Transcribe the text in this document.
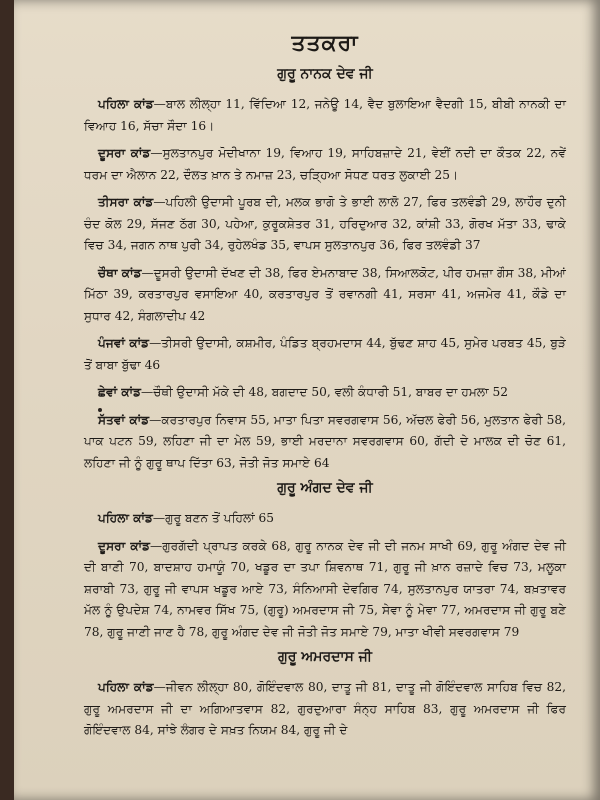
ਤਤਕਰਾ
ਗੁਰੂ ਨਾਨਕ ਦੇਵ ਜੀ

ਪਹਿਲਾ ਕਾਂਡ—ਬਾਲ ਲੀਲ੍ਹਾ 11, ਵਿੱਦਿਆ 12, ਜਨੇਊ 14, ਵੈਦ ਬੁਲਾਇਆ ਵੈਦਗੀ 15, ਬੀਬੀ ਨਾਨਕੀ ਦਾ ਵਿਆਹ 16, ਸੱਚਾ ਸੌਦਾ 16।

ਦੂਸਰਾ ਕਾਂਡ—ਸੁਲਤਾਨਪੁਰ ਮੋਦੀਖਾਨਾ 19, ਵਿਆਹ 19, ਸਾਹਿਬਜ਼ਾਦੇ 21, ਵੇਈਂ ਨਦੀ ਦਾ ਕੌਤਕ 22, ਨਵੇਂ ਧਰਮ ਦਾ ਐਲਾਨ 22, ਦੌਲਤ ਖ਼ਾਨ ਤੇ ਨਮਾਜ਼ 23, ਚੜ੍ਹਿਆ ਸੋਧਣ ਧਰਤ ਲੁਕਾਈ 25।

ਤੀਸਰਾ ਕਾਂਡ—ਪਹਿਲੀ ਉਦਾਸੀ ਪੂਰਬ ਦੀ, ਮਲਕ ਭਾਗੋ ਤੇ ਭਾਈ ਲਾਲੋ 27, ਫਿਰ ਤਲਵੰਡੀ 29, ਲਾਹੌਰ ਦੁਨੀ ਚੰਦ ਕੋਲ 29, ਸੱਜਣ ਠੱਗ 30, ਪਹੇਆ, ਕੁਰੂਕਸ਼ੇਤਰ 31, ਹਰਿਦੁਆਰ 32, ਕਾਂਸ਼ੀ 33, ਗੋਰਖ ਮੱਤਾ 33, ਢਾਕੇ ਵਿਚ 34, ਜਗਨ ਨਾਥ ਪੁਰੀ 34, ਰੁਹੇਲਖੰਡ 35, ਵਾਪਸ ਸੁਲਤਾਨਪੁਰ 36, ਫਿਰ ਤਲਵੰਡੀ 37

ਚੌਥਾ ਕਾਂਡ—ਦੂਸਰੀ ਉਦਾਸੀ ਦੱਖਣ ਦੀ 38, ਫਿਰ ਏਮਨਾਬਾਦ 38, ਸਿਆਲਕੋਟ, ਪੀਰ ਹਮਜ਼ਾ ਗੌਸ 38, ਮੀਆਂ ਮਿੱਠਾ 39, ਕਰਤਾਰਪੁਰ ਵਸਾਇਆ 40, ਕਰਤਾਰਪੁਰ ਤੋਂ ਰਵਾਨਗੀ 41, ਸਰਸਾ 41, ਅਜਮੇਰ 41, ਕੌਡੇ ਦਾ ਸੁਧਾਰ 42, ਸੰਗਲਾਦੀਪ 42

ਪੰਜਵਾਂ ਕਾਂਡ—ਤੀਸਰੀ ਉਦਾਸੀ, ਕਸ਼ਮੀਰ, ਪੰਡਿਤ ਬ੍ਰਹਮਦਾਸ 44, ਬੁੱਢਣ ਸ਼ਾਹ 45, ਸੁਮੇਰ ਪਰਬਤ 45, ਬੁੜੇ ਤੋਂ ਬਾਬਾ ਬੁੱਢਾ 46

ਛੇਵਾਂ ਕਾਂਡ—ਚੌਥੀ ਉਦਾਸੀ ਮੱਕੇ ਦੀ 48, ਬਗਦਾਦ 50, ਵਲੀ ਕੰਧਾਰੀ 51, ਬਾਬਰ ਦਾ ਹਮਲਾ 52

ਸੱਤਵਾਂ ਕਾਂਡ—ਕਰਤਾਰਪੁਰ ਨਿਵਾਸ 55, ਮਾਤਾ ਪਿਤਾ ਸਵਰਗਵਾਸ 56, ਅੱਚਲ ਫੇਰੀ 56, ਮੁਲਤਾਨ ਫੇਰੀ 58, ਪਾਕ ਪਟਨ 59, ਲਹਿਣਾ ਜੀ ਦਾ ਮੇਲ 59, ਭਾਈ ਮਰਦਾਨਾ ਸਵਰਗਵਾਸ 60, ਗੱਦੀ ਦੇ ਮਾਲਕ ਦੀ ਚੋਣ 61, ਲਹਿਣਾ ਜੀ ਨੂੰ ਗੁਰੂ ਥਾਪ ਦਿੱਤਾ 63, ਜੋਤੀ ਜੋਤ ਸਮਾਏ 64

ਗੁਰੂ ਅੰਗਦ ਦੇਵ ਜੀ

ਪਹਿਲਾ ਕਾਂਡ—ਗੁਰੂ ਬਣਨ ਤੋਂ ਪਹਿਲਾਂ 65

ਦੂਸਰਾ ਕਾਂਡ—ਗੁਰਗੱਦੀ ਪ੍ਰਾਪਤ ਕਰਕੇ 68, ਗੁਰੂ ਨਾਨਕ ਦੇਵ ਜੀ ਦੀ ਜਨਮ ਸਾਖੀ 69, ਗੁਰੂ ਅੰਗਦ ਦੇਵ ਜੀ ਦੀ ਬਾਣੀ 70, ਬਾਦਸ਼ਾਹ ਹਮਾਯੂੰ 70, ਖਡੂਰ ਦਾ ਤਪਾ ਸ਼ਿਵਨਾਥ 71, ਗੁਰੂ ਜੀ ਖ਼ਾਨ ਰਜ਼ਾਦੇ ਵਿਚ 73, ਮਲੂਕਾ ਸ਼ਰਾਬੀ 73, ਗੁਰੂ ਜੀ ਵਾਪਸ ਖਡੂਰ ਆਏ 73, ਸੰਨਿਆਸੀ ਦੇਵਗਿਰ 74, ਸੁਲਤਾਨਪੁਰ ਯਾਤਰਾ 74, ਬਖ਼ਤਾਵਰ ਮੱਲ ਨੂੰ ਉਪਦੇਸ਼ 74, ਨਾਮਵਰ ਸਿੱਖ 75, (ਗੁਰੂ) ਅਮਰਦਾਸ ਜੀ 75, ਸੇਵਾ ਨੂੰ ਮੇਵਾ 77, ਅਮਰਦਾਸ ਜੀ ਗੁਰੂ ਬਣੇ 78, ਗੁਰੂ ਜਾਣੀ ਜਾਣ ਹੈ 78, ਗੁਰੂ ਅੰਗਦ ਦੇਵ ਜੀ ਜੋਤੀ ਜੋਤ ਸਮਾਏ 79, ਮਾਤਾ ਖੀਵੀ ਸਵਰਗਵਾਸ 79

ਗੁਰੂ ਅਮਰਦਾਸ ਜੀ

ਪਹਿਲਾ ਕਾਂਡ—ਜੀਵਨ ਲੀਲ੍ਹਾ 80, ਗੋਇੰਦਵਾਲ 80, ਦਾਤੂ ਜੀ 81, ਦਾਤੂ ਜੀ ਗੋਇੰਦਵਾਲ ਸਾਹਿਬ ਵਿਚ 82, ਗੁਰੂ ਅਮਰਦਾਸ ਜੀ ਦਾ ਅਗਿਆਤਵਾਸ 82, ਗੁਰਦੁਆਰਾ ਸੰਨ੍ਹ ਸਾਹਿਬ 83, ਗੁਰੂ ਅਮਰਦਾਸ ਜੀ ਫਿਰ ਗੋਇੰਦਵਾਲ 84, ਸਾਂਝੇ ਲੰਗਰ ਦੇ ਸਖ਼ਤ ਨਿਯਮ 84, ਗੁਰੂ ਜੀ ਦੇ
